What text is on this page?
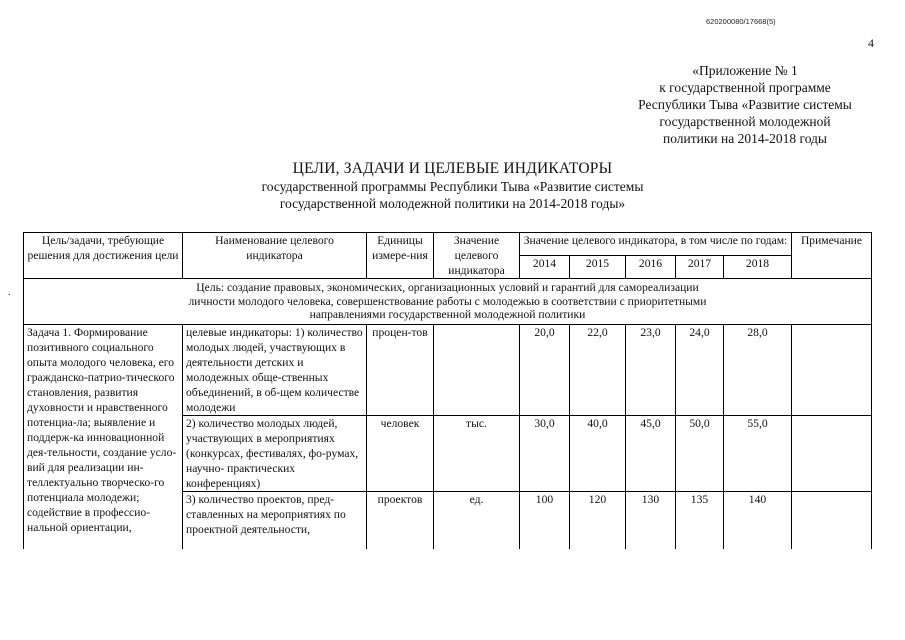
620200080/17668(5)
4
«Приложение № 1
к государственной программе
Республики Тыва «Развитие системы
государственной молодежной
политики на 2014-2018 годы
ЦЕЛИ, ЗАДАЧИ И ЦЕЛЕВЫЕ ИНДИКАТОРЫ
государственной программы Республики Тыва «Развитие системы
государственной молодежной политики на 2014-2018 годы»
.
Цель/задачи, требующие решения для достижения цели	Наименование целевого индикатора	Единицы измере-ния	Значение целевого индикатора	Значение целевого индикатора, в том числе по годам:					Примечание
				2014	2015	2016	2017	2018	
Цель: создание правовых, экономических, организационных условий и гарантий для самореализации личности молодого человека, совершенствование работы с молодежью в соответствии с приоритетными направлениями государственной молодежной политики									
Задача 1. Формирование позитивного социального опыта молодого человека, его гражданско-патрио-тического становления, развития духовности и нравственного потенциа-ла; выявление и поддерж-ка инновационной дея-тельности, создание усло-вий для реализации ин-теллектуально творческо-го потенциала молодежи; содействие в профессио-нальной ориентации,	целевые индикаторы: 1) количество молодых людей, участвующих в деятельности детских и молодежных обще-ственных объединений, в об-щем количестве молодежи	процен-тов		20,0	22,0	23,0	24,0	28,0	
	2) количество молодых людей, участвующих в мероприятиях (конкурсах, фестивалях, фо-румах, научно- практических конференциях)	человек	тыс.	30,0	40,0	45,0	50,0	55,0	
	3) количество проектов, пред-ставленных на мероприятиях по проектной деятельности,	проектов	ед.	100	120	130	135	140	
